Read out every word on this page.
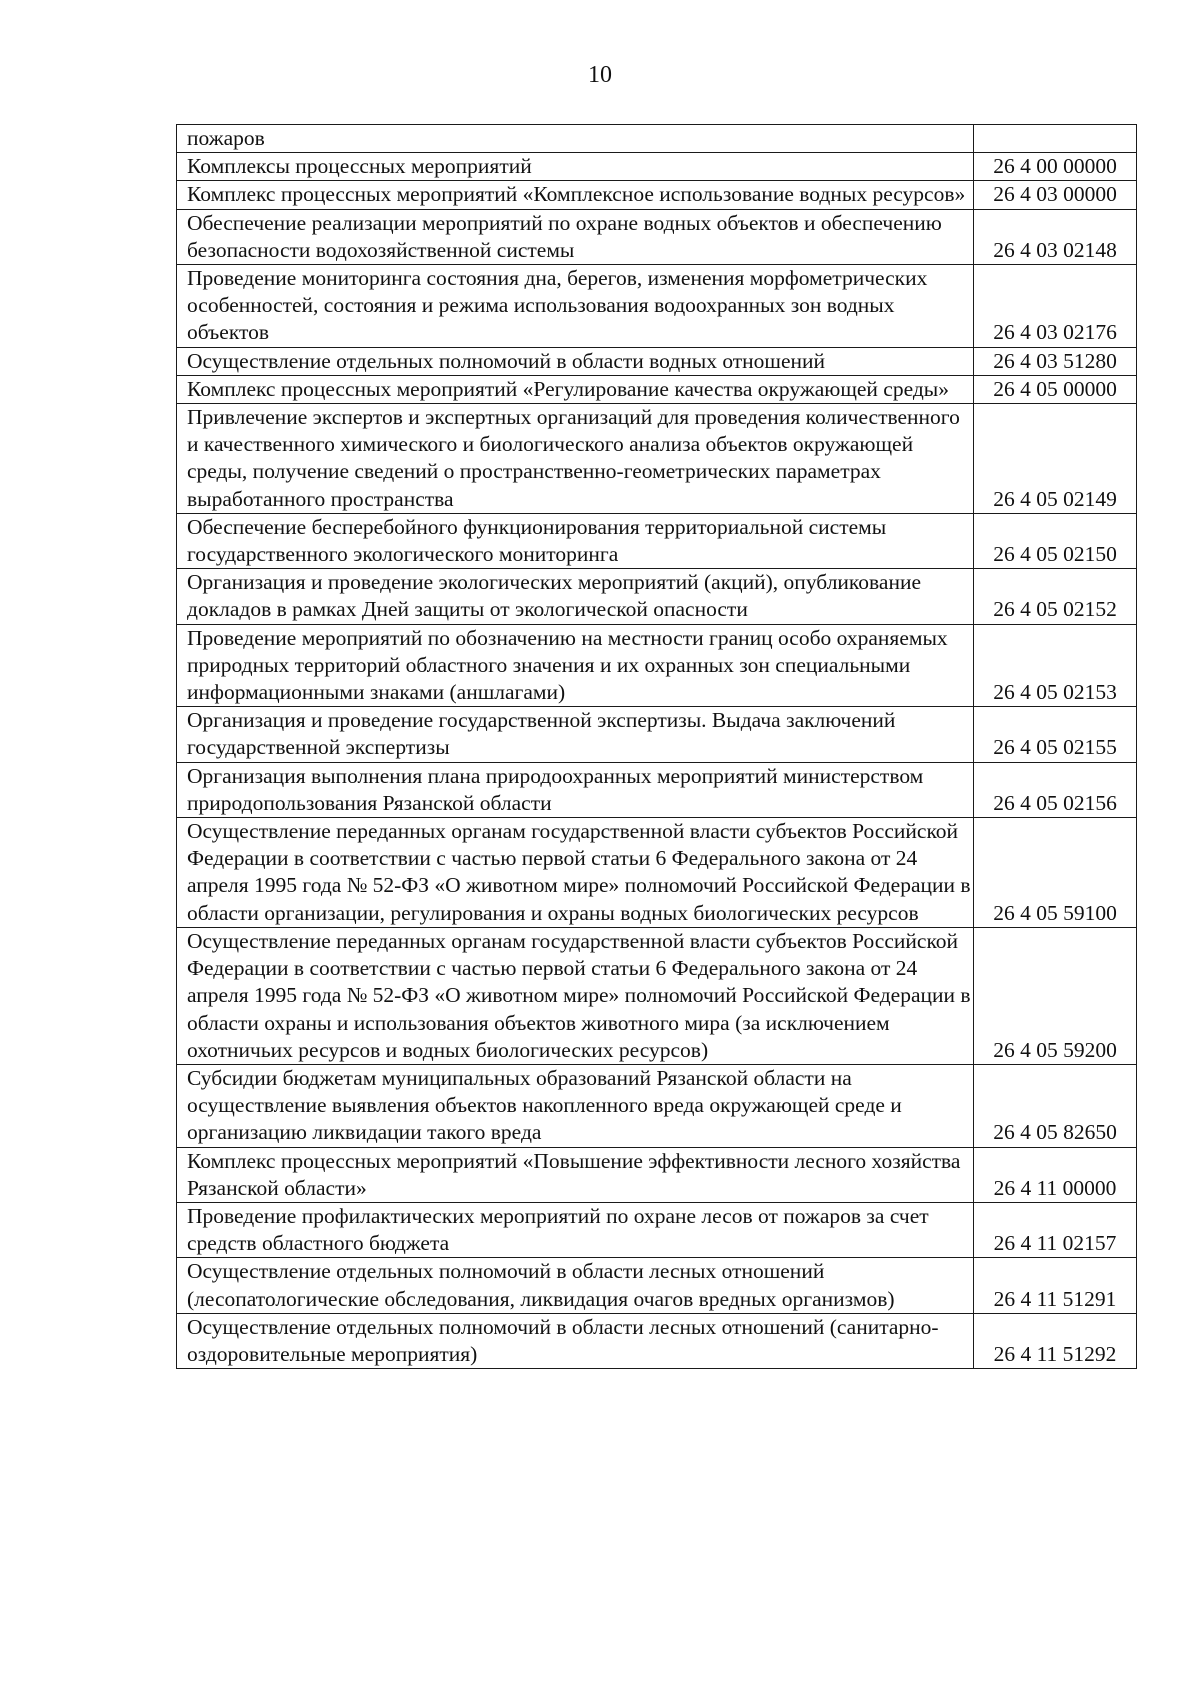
10
пожаров	

Комплексы процессных мероприятий	26 4 00 00000

Комплекс процессных мероприятий «Комплексное использование водных ресурсов»	26 4 03 00000

Обеспечение реализации мероприятий по охране водных объектов и обеспечению безопасности водохозяйственной системы	26 4 03 02148

Проведение мониторинга состояния дна, берегов, изменения морфометрических особенностей, состояния и режима использования водоохранных зон водных объектов	26 4 03 02176

Осуществление отдельных полномочий в области водных отношений	26 4 03 51280

Комплекс процессных мероприятий «Регулирование качества окружающей среды»	26 4 05 00000

Привлечение экспертов и экспертных организаций для проведения количественного и качественного химического и биологического анализа объектов окружающей среды, получение сведений о пространственно-геометрических параметрах выработанного пространства	26 4 05 02149

Обеспечение бесперебойного функционирования территориальной системы государственного экологического мониторинга	26 4 05 02150

Организация и проведение экологических мероприятий (акций), опубликование докладов в рамках Дней защиты от экологической опасности	26 4 05 02152

Проведение мероприятий по обозначению на местности границ особо охраняемых природных территорий областного значения и их охранных зон специальными информационными знаками (аншлагами)	26 4 05 02153

Организация и проведение государственной экспертизы. Выдача заключений государственной экспертизы	26 4 05 02155

Организация выполнения плана природоохранных мероприятий министерством природопользования Рязанской области	26 4 05 02156

Осуществление переданных органам государственной власти субъектов Российской Федерации в соответствии с частью первой статьи 6 Федерального закона от 24 апреля 1995 года № 52-ФЗ «О животном мире» полномочий Российской Федерации в области организации, регулирования и охраны водных биологических ресурсов	26 4 05 59100

Осуществление переданных органам государственной власти субъектов Российской Федерации в соответствии с частью первой статьи 6 Федерального закона от 24 апреля 1995 года № 52-ФЗ «О животном мире» полномочий Российской Федерации в области охраны и использования объектов животного мира (за исключением охотничьих ресурсов и водных биологических ресурсов)	26 4 05 59200

Субсидии бюджетам муниципальных образований Рязанской области на осуществление выявления объектов накопленного вреда окружающей среде и организацию ликвидации такого вреда	26 4 05 82650

Комплекс процессных мероприятий «Повышение эффективности лесного хозяйства Рязанской области»	26 4 11 00000

Проведение профилактических мероприятий по охране лесов от пожаров за счет средств областного бюджета	26 4 11 02157

Осуществление отдельных полномочий в области лесных отношений (лесопатологические обследования, ликвидация очагов вредных организмов)	26 4 11 51291

Осуществление отдельных полномочий в области лесных отношений (санитарно-оздоровительные мероприятия)	26 4 11 51292
